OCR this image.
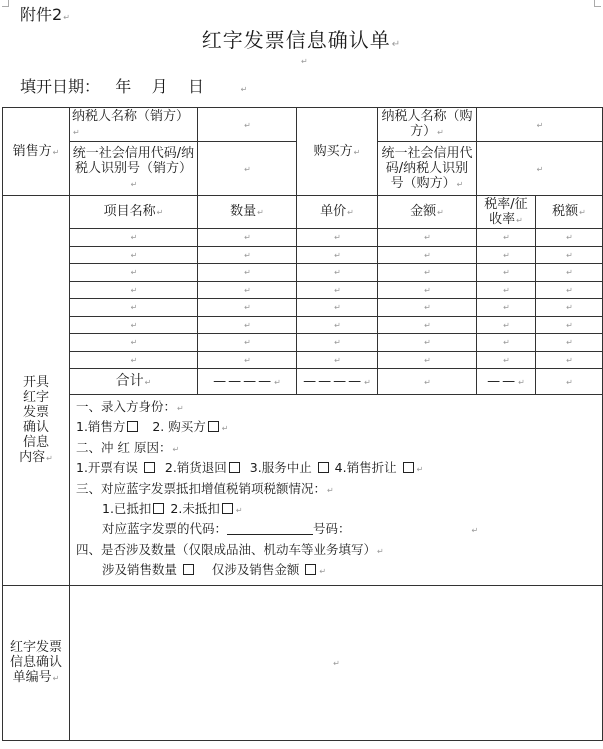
附件2↵
红字发票信息确认单↵
↵
填开日期： 年 月 日	↵
销售方↵	纳税人名称（销方）↵	↵	购买方↵	纳税人名称（购方）↵	↵	
	统一社会信用代码/纳税人识别号（销方）↵	↵		统一社会信用代码/纳税人识别号（购方）↵	↵	

开具红字发票确认信息内容↵	项目名称↵	数量↵	单价↵	金额↵	税率/征收率↵	税额↵
	↵	↵	↵	↵	↵	↵
	↵	↵	↵	↵	↵	↵
	↵	↵	↵	↵	↵	↵
	↵	↵	↵	↵	↵	↵
	↵	↵	↵	↵	↵	↵
	↵	↵	↵	↵	↵	↵
	↵	↵	↵	↵	↵	↵
	↵	↵	↵	↵	↵	↵
	合计↵	————↵	————↵	↵	——↵	↵

一、录入方身份：↵
1.销售方 2. 购买方 ↵
二、冲 红 原因：↵
1.开票有误 2.销货退回 3.服务中止 4.销售折让 ↵
三、对应蓝字发票抵扣增值税销项税额情况：↵
1.已抵扣 2.未抵扣 ↵
对应蓝字发票的代码：	号码：	↵
四、是否涉及数量（仅限成品油、机动车等业务填写）↵
涉及销售数量	仅涉及销售金额 ↵

红字发票信息确认单编号↵	↵					
